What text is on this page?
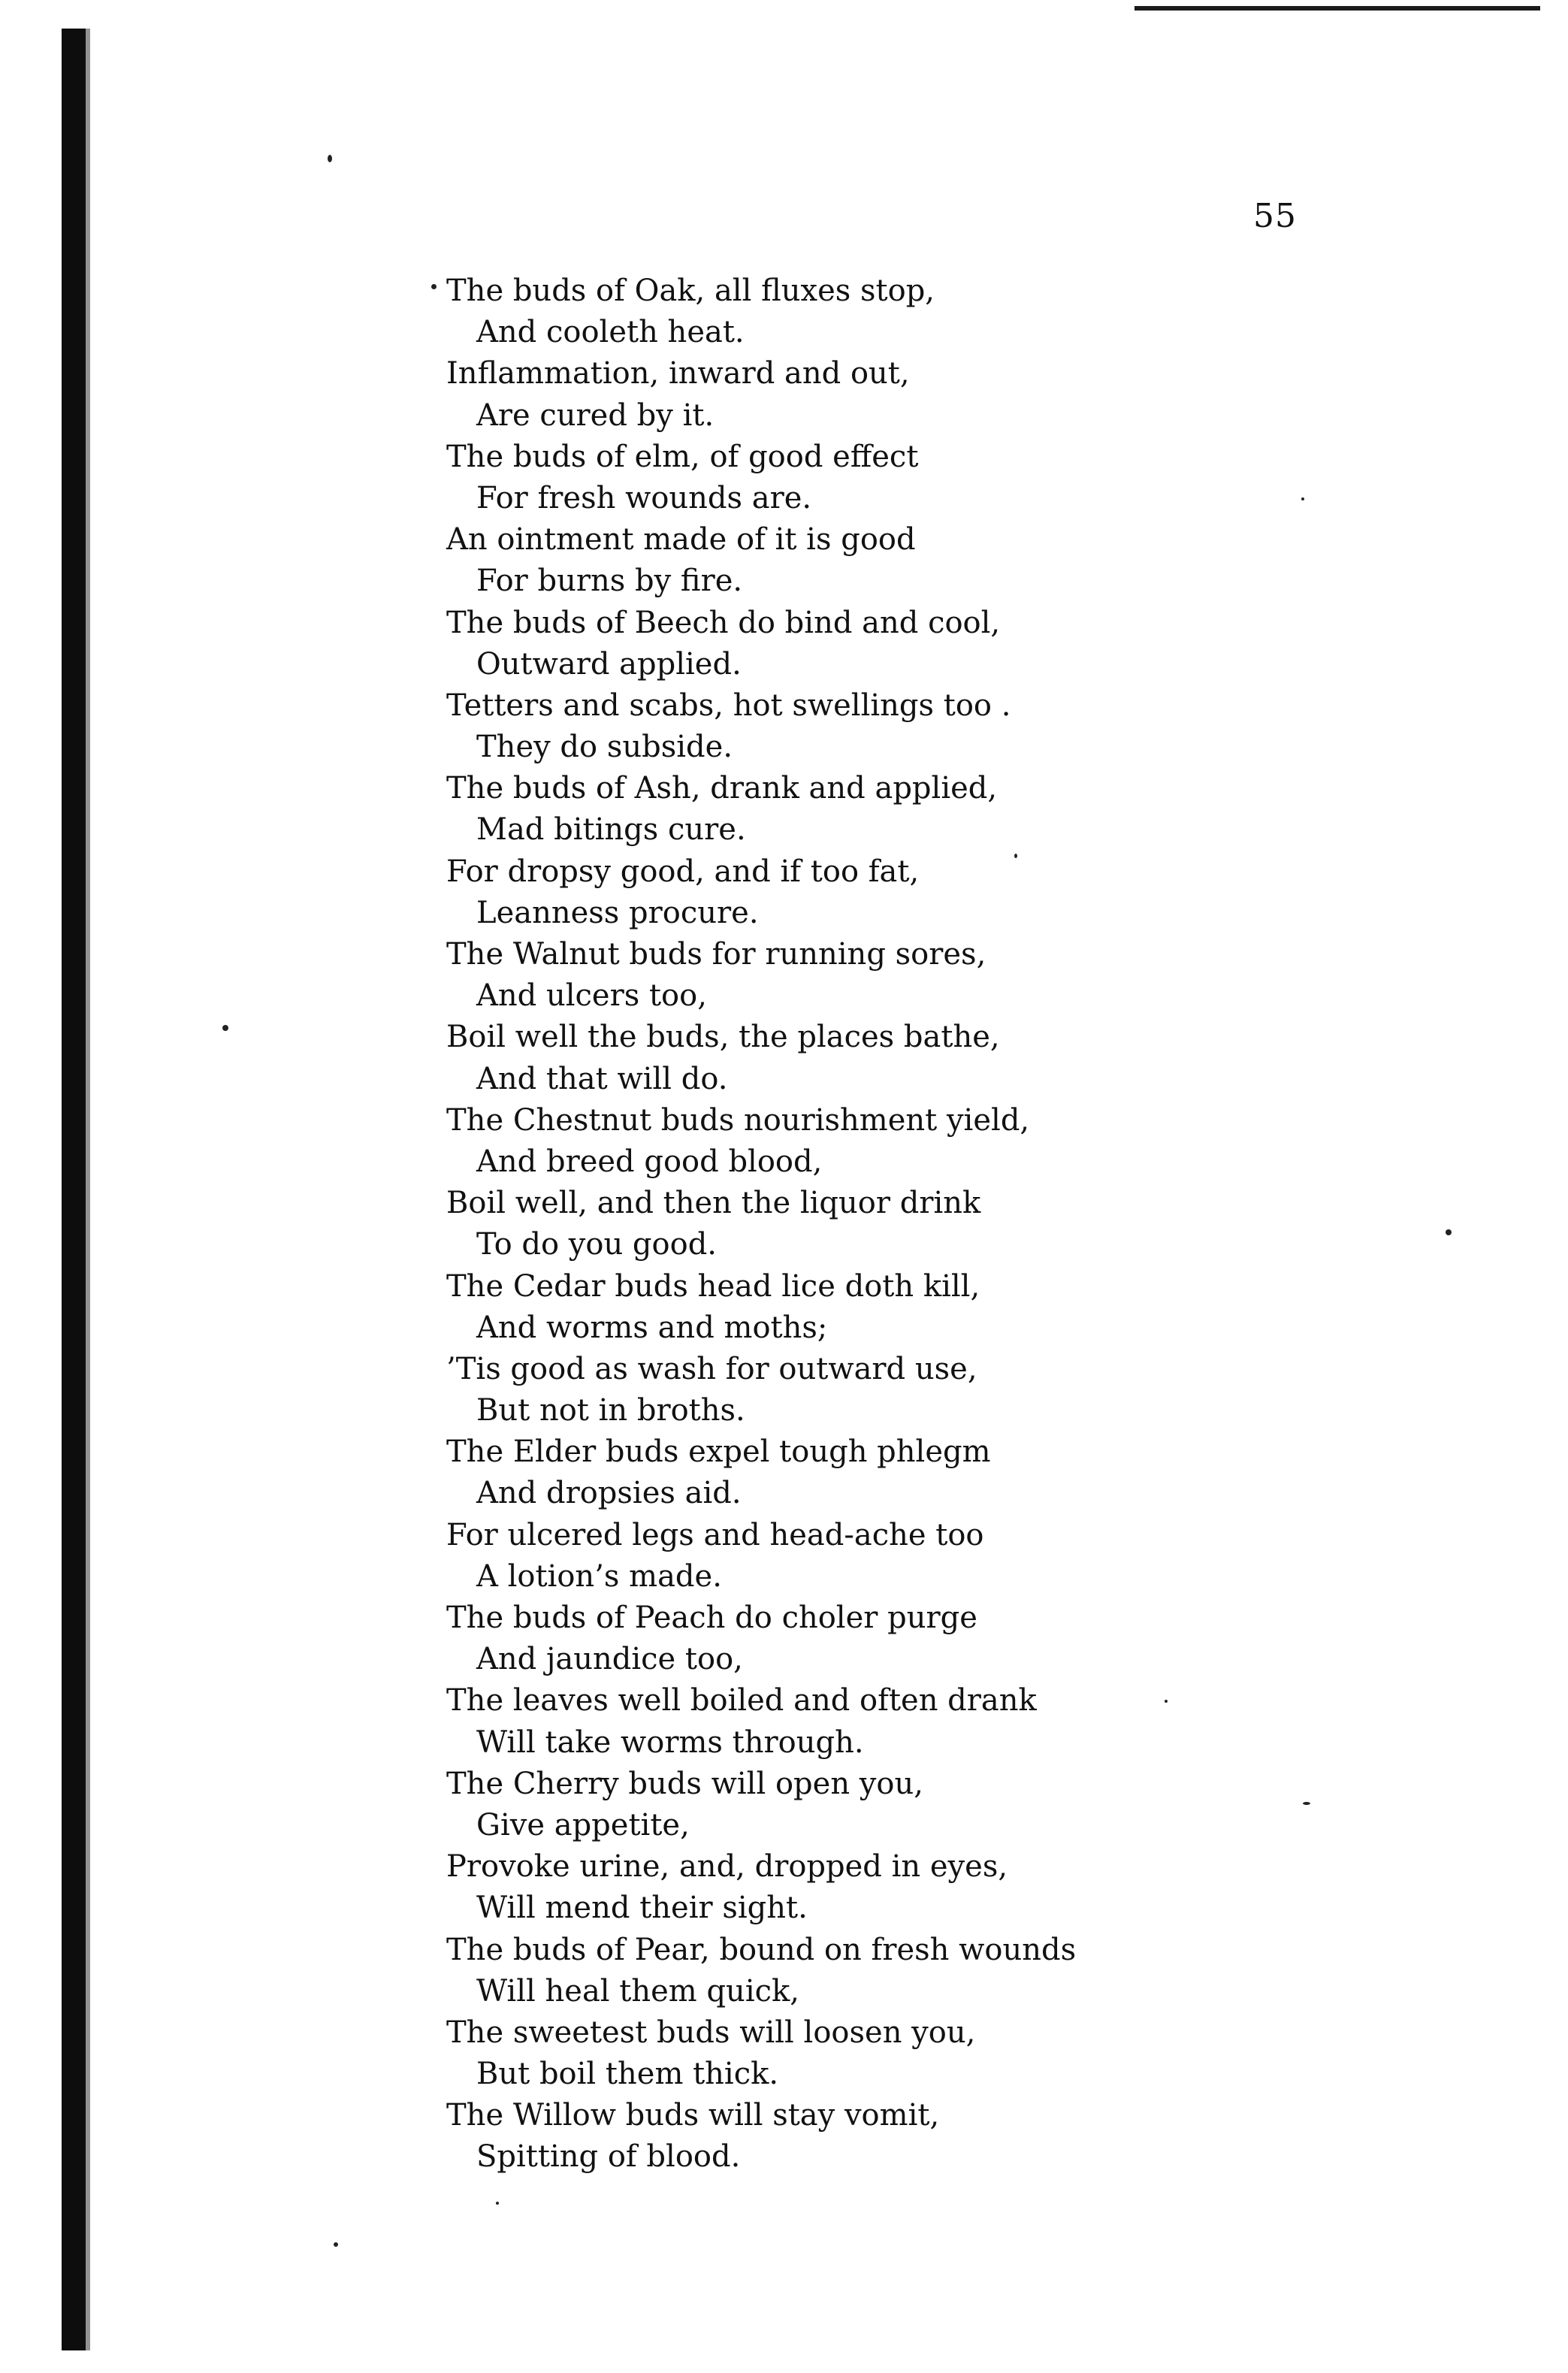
55
The buds of Oak, all fluxes stop,
And cooleth heat.
Inflammation, inward and out,
Are cured by it.
The buds of elm, of good effect
For fresh wounds are.
An ointment made of it is good
For burns by fire.
The buds of Beech do bind and cool,
Outward applied.
Tetters and scabs, hot swellings too .
They do subside.
The buds of Ash, drank and applied,
Mad bitings cure.
For dropsy good, and if too fat,
Leanness procure.
The Walnut buds for running sores,
And ulcers too,
Boil well the buds, the places bathe,
And that will do.
The Chestnut buds nourishment yield,
And breed good blood,
Boil well, and then the liquor drink
To do you good.
The Cedar buds head lice doth kill,
And worms and moths;
’Tis good as wash for outward use,
But not in broths.
The Elder buds expel tough phlegm
And dropsies aid.
For ulcered legs and head-ache too
A lotion’s made.
The buds of Peach do choler purge
And jaundice too,
The leaves well boiled and often drank
Will take worms through.
The Cherry buds will open you,
Give appetite,
Provoke urine, and, dropped in eyes,
Will mend their sight.
The buds of Pear, bound on fresh wounds
Will heal them quick,
The sweetest buds will loosen you,
But boil them thick.
The Willow buds will stay vomit,
Spitting of blood.
